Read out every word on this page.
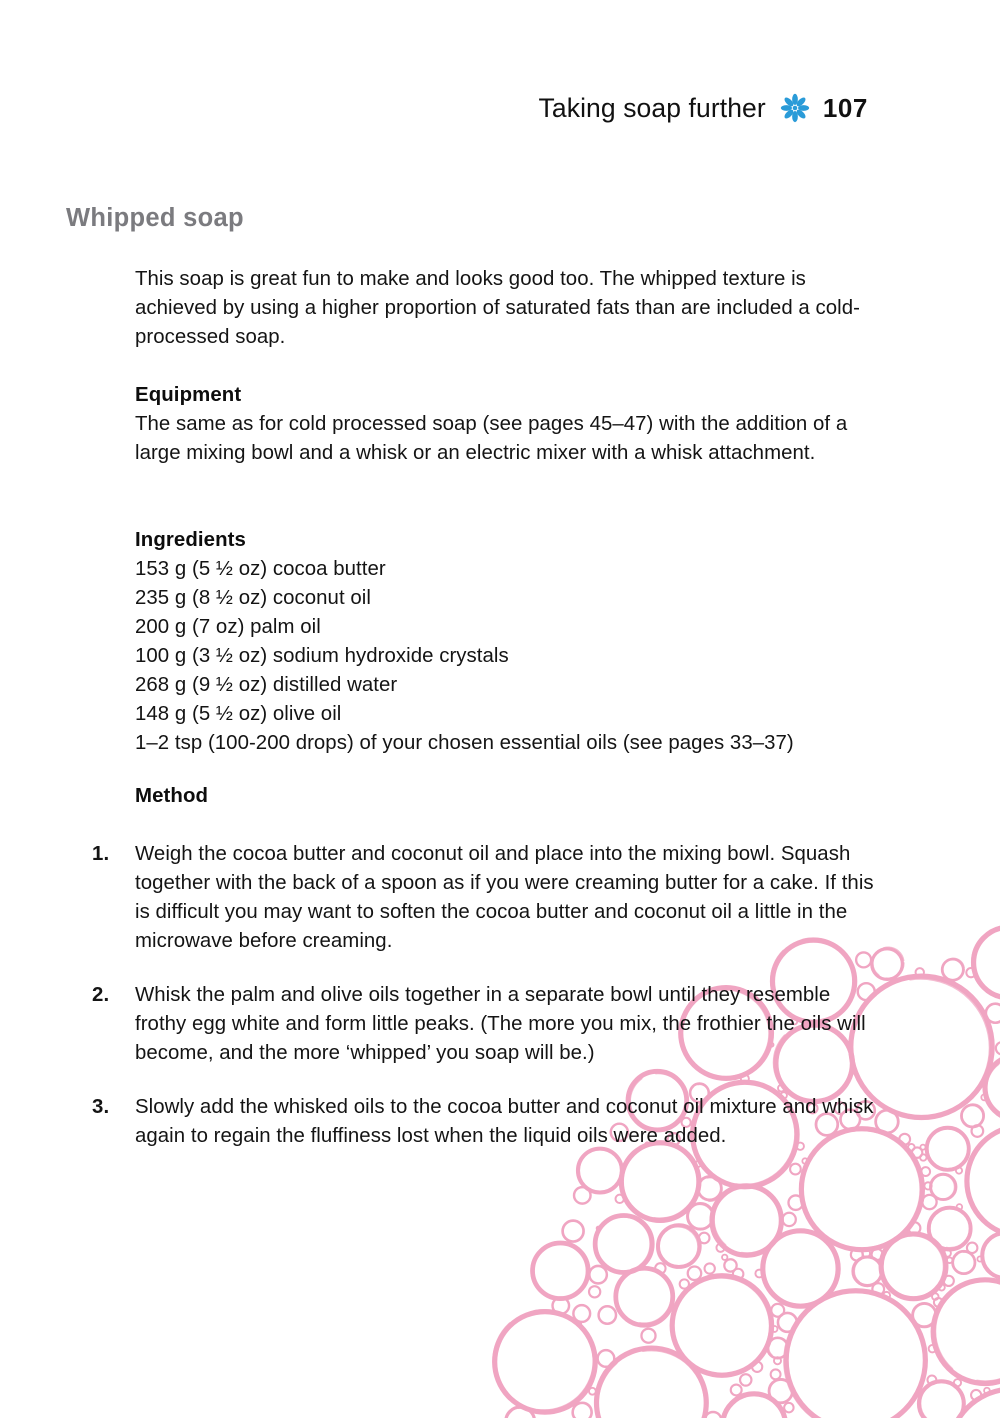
Taking soap further 107
Whipped soap
This soap is great fun to make and looks good too. The whipped texture is achieved by using a higher proportion of saturated fats than are included a cold-processed soap.
Equipment
The same as for cold processed soap (see pages 45–47) with the addition of a large mixing bowl and a whisk or an electric mixer with a whisk attachment.
Ingredients
153 g (5 ½ oz) cocoa butter
235 g (8 ½ oz) coconut oil
200 g (7 oz) palm oil
100 g (3 ½ oz) sodium hydroxide crystals
268 g (9 ½ oz) distilled water
148 g (5 ½ oz) olive oil
1–2 tsp (100-200 drops) of your chosen essential oils (see pages 33–37)
Method
1.	Weigh the cocoa butter and coconut oil and place into the mixing bowl. Squash together with the back of a spoon as if you were creaming butter for a cake. If this is difficult you may want to soften the cocoa butter and coconut oil a little in the microwave before creaming.
2.	Whisk the palm and olive oils together in a separate bowl until they resemble frothy egg white and form little peaks. (The more you mix, the frothier the oils will become, and the more ‘whipped’ you soap will be.)
3.	Slowly add the whisked oils to the cocoa butter and coconut oil mixture and whisk again to regain the fluffiness lost when the liquid oils were added.
